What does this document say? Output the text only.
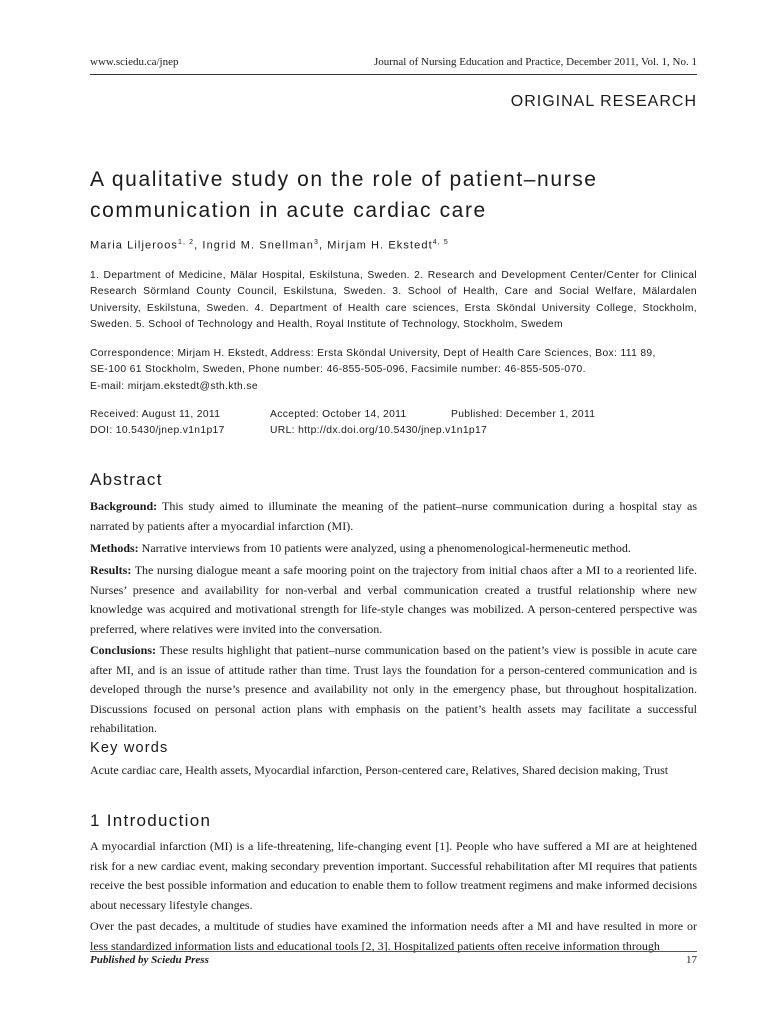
www.sciedu.ca/jnep	Journal of Nursing Education and Practice, December 2011, Vol. 1, No. 1
ORIGINAL RESEARCH
A qualitative study on the role of patient–nurse communication in acute cardiac care
Maria Liljeroos$^{1, 2}$, Ingrid M. Snellman$^3$, Mirjam H. Ekstedt$^{4, 5}$
1. Department of Medicine, Mälar Hospital, Eskilstuna, Sweden. 2. Research and Development Center/Center for Clinical Research Sörmland County Council, Eskilstuna, Sweden. 3. School of Health, Care and Social Welfare, Mälardalen University, Eskilstuna, Sweden. 4. Department of Health care sciences, Ersta Sköndal University College, Stockholm, Sweden. 5. School of Technology and Health, Royal Institute of Technology, Stockholm, Swedem
Correspondence: Mirjam H. Ekstedt, Address: Ersta Sköndal University, Dept of Health Care Sciences, Box: 111 89,
SE-100 61 Stockholm, Sweden, Phone number: 46-855-505-096, Facsimile number: 46-855-505-070.
E-mail: mirjam.ekstedt@sth.kth.se
Received: August 11, 2011	Accepted: October 14, 2011	Published: December 1, 2011
DOI: 10.5430/jnep.v1n1p17	URL: http://dx.doi.org/10.5430/jnep.v1n1p17
Abstract
Background: This study aimed to illuminate the meaning of the patient–nurse communication during a hospital stay as narrated by patients after a myocardial infarction (MI).
Methods: Narrative interviews from 10 patients were analyzed, using a phenomenological-hermeneutic method.
Results: The nursing dialogue meant a safe mooring point on the trajectory from initial chaos after a MI to a reoriented life. Nurses’ presence and availability for non-verbal and verbal communication created a trustful relationship where new knowledge was acquired and motivational strength for life-style changes was mobilized. A person-centered perspective was preferred, where relatives were invited into the conversation.
Conclusions: These results highlight that patient–nurse communication based on the patient’s view is possible in acute care after MI, and is an issue of attitude rather than time. Trust lays the foundation for a person-centered communication and is developed through the nurse’s presence and availability not only in the emergency phase, but throughout hospitalization. Discussions focused on personal action plans with emphasis on the patient’s health assets may facilitate a successful rehabilitation.
Key words
Acute cardiac care, Health assets, Myocardial infarction, Person-centered care, Relatives, Shared decision making, Trust
1 Introduction
A myocardial infarction (MI) is a life-threatening, life-changing event [1]. People who have suffered a MI are at heightened risk for a new cardiac event, making secondary prevention important. Successful rehabilitation after MI requires that patients receive the best possible information and education to enable them to follow treatment regimens and make informed decisions about necessary lifestyle changes.
Over the past decades, a multitude of studies have examined the information needs after a MI and have resulted in more or less standardized information lists and educational tools [2, 3]. Hospitalized patients often receive information through
Published by Sciedu Press	17
